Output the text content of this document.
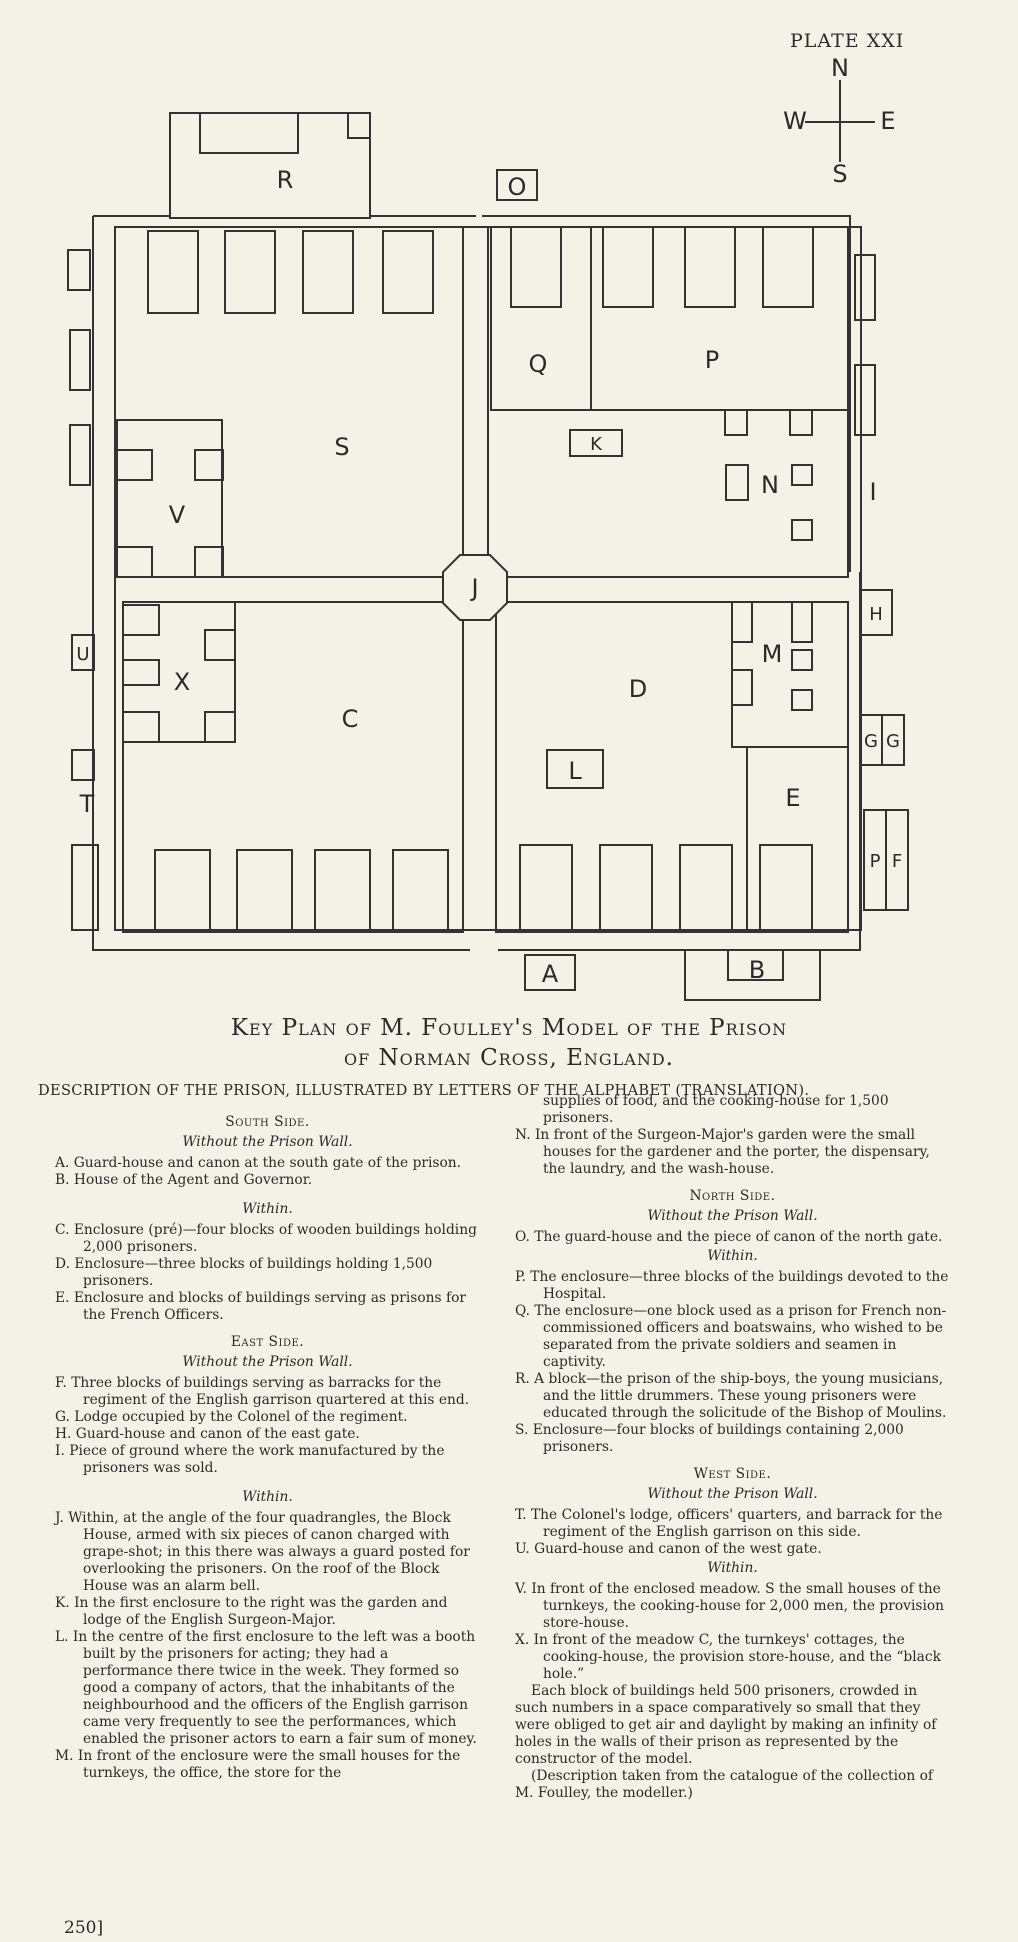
PLATE XXI
N
S
W	E
R	O
Q	P
K
N
S
V
I
J
H
U
X
C
D
M
G G
T
L
E
P F
A	B
Key Plan of M. Foulley's Model of the Prison
of Norman Cross, England.
DESCRIPTION OF THE PRISON, ILLUSTRATED BY LETTERS OF THE ALPHABET (TRANSLATION).
South Side.
Without the Prison Wall.

A. Guard-house and canon at the south gate of the prison.

B. House of the Agent and Governor.

Within.

C. Enclosure (pré)—four blocks of wooden buildings holding 2,000 prisoners.

D. Enclosure—three blocks of buildings holding 1,500 prisoners.

E. Enclosure and blocks of buildings serving as prisons for the French Officers.

East Side.
Without the Prison Wall.

F. Three blocks of buildings serving as barracks for the regiment of the English garrison quartered at this end.

G. Lodge occupied by the Colonel of the regiment.

H. Guard-house and canon of the east gate.

I. Piece of ground where the work manufactured by the prisoners was sold.

Within.

J. Within, at the angle of the four quadrangles, the Block House, armed with six pieces of canon charged with grape-shot; in this there was always a guard posted for overlooking the prisoners. On the roof of the Block House was an alarm bell.

K. In the first enclosure to the right was the garden and lodge of the English Surgeon-Major.

L. In the centre of the first enclosure to the left was a booth built by the prisoners for acting; they had a performance there twice in the week. They formed so good a company of actors, that the inhabitants of the neighbourhood and the officers of the English garrison came very frequently to see the performances, which enabled the prisoner actors to earn a fair sum of money.

M. In front of the enclosure were the small houses for the turnkeys, the office, the store for the

supplies of food, and the cooking-house for 1,500 prisoners.

N. In front of the Surgeon-Major's garden were the small houses for the gardener and the porter, the dispensary, the laundry, and the wash-house.

North Side.
Without the Prison Wall.

O. The guard-house and the piece of canon of the north gate.

Within.

P. The enclosure—three blocks of the buildings devoted to the Hospital.

Q. The enclosure—one block used as a prison for French non-commissioned officers and boatswains, who wished to be separated from the private soldiers and seamen in captivity.

R. A block—the prison of the ship-boys, the young musicians, and the little drummers. These young prisoners were educated through the solicitude of the Bishop of Moulins.

S. Enclosure—four blocks of buildings containing 2,000 prisoners.

West Side.
Without the Prison Wall.

T. The Colonel's lodge, officers' quarters, and barrack for the regiment of the English garrison on this side.

U. Guard-house and canon of the west gate.

Within.

V. In front of the enclosed meadow. S the small houses of the turnkeys, the cooking-house for 2,000 men, the provision store-house.

X. In front of the meadow C, the turnkeys' cottages, the cooking-house, the provision store-house, and the “black hole.”

Each block of buildings held 500 prisoners, crowded in such numbers in a space comparatively so small that they were obliged to get air and daylight by making an infinity of holes in the walls of their prison as represented by the constructor of the model.

(Description taken from the catalogue of the collection of M. Foulley, the modeller.)

250]
